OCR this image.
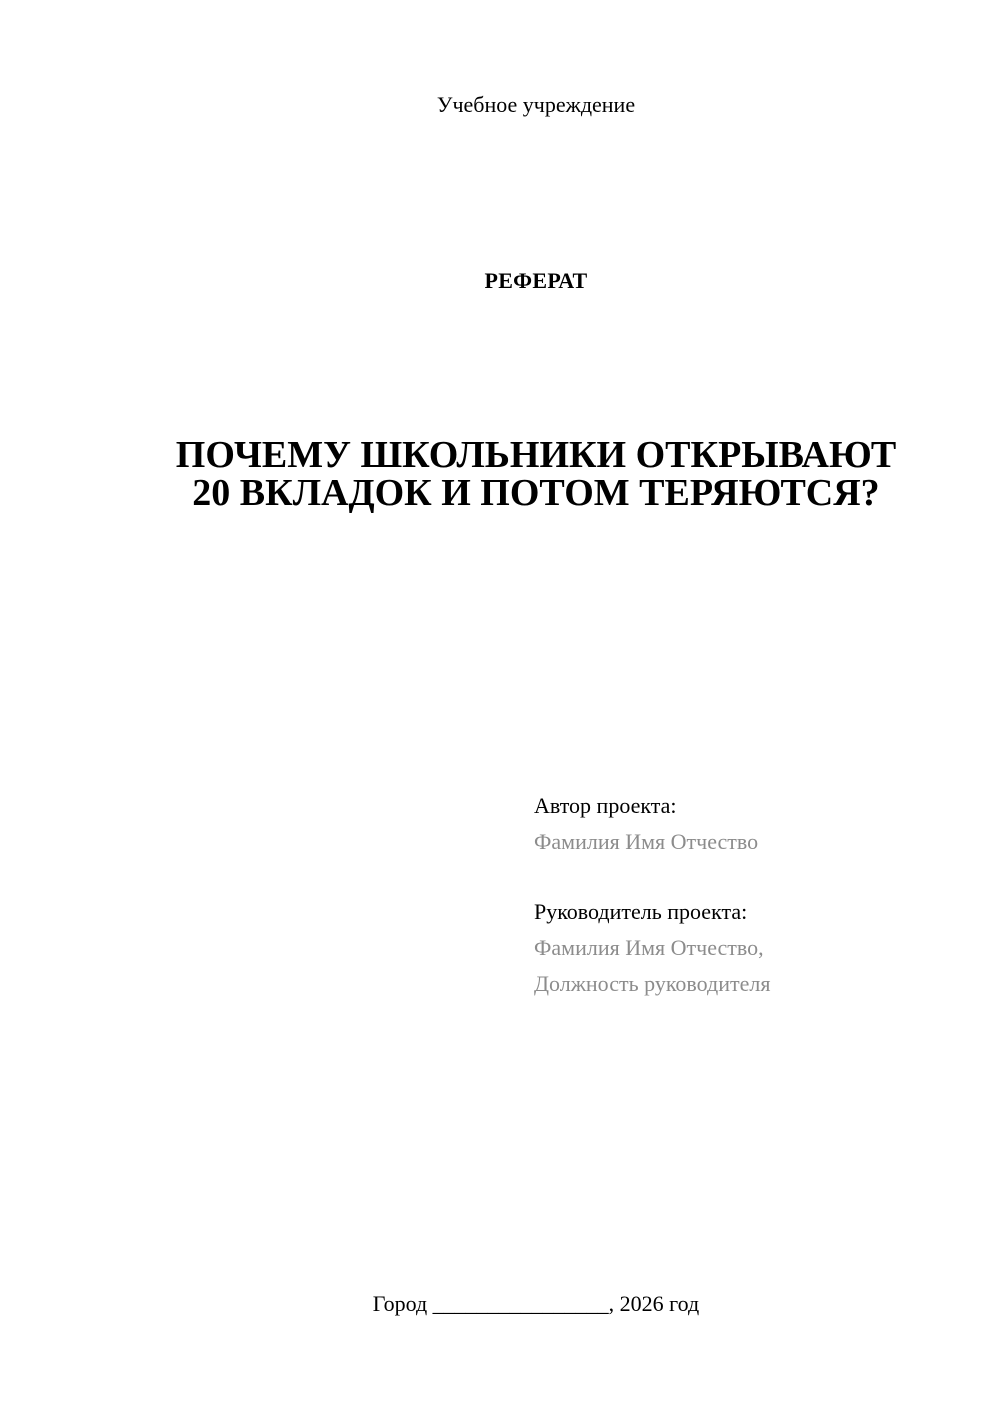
Учебное учреждение
РЕФЕРАТ
ПОЧЕМУ ШКОЛЬНИКИ ОТКРЫВАЮТ
20 ВКЛАДОК И ПОТОМ ТЕРЯЮТСЯ?
Автор проекта:
Фамилия Имя Отчество
Руководитель проекта:
Фамилия Имя Отчество,
Должность руководителя
Город ________________, 2026 год
